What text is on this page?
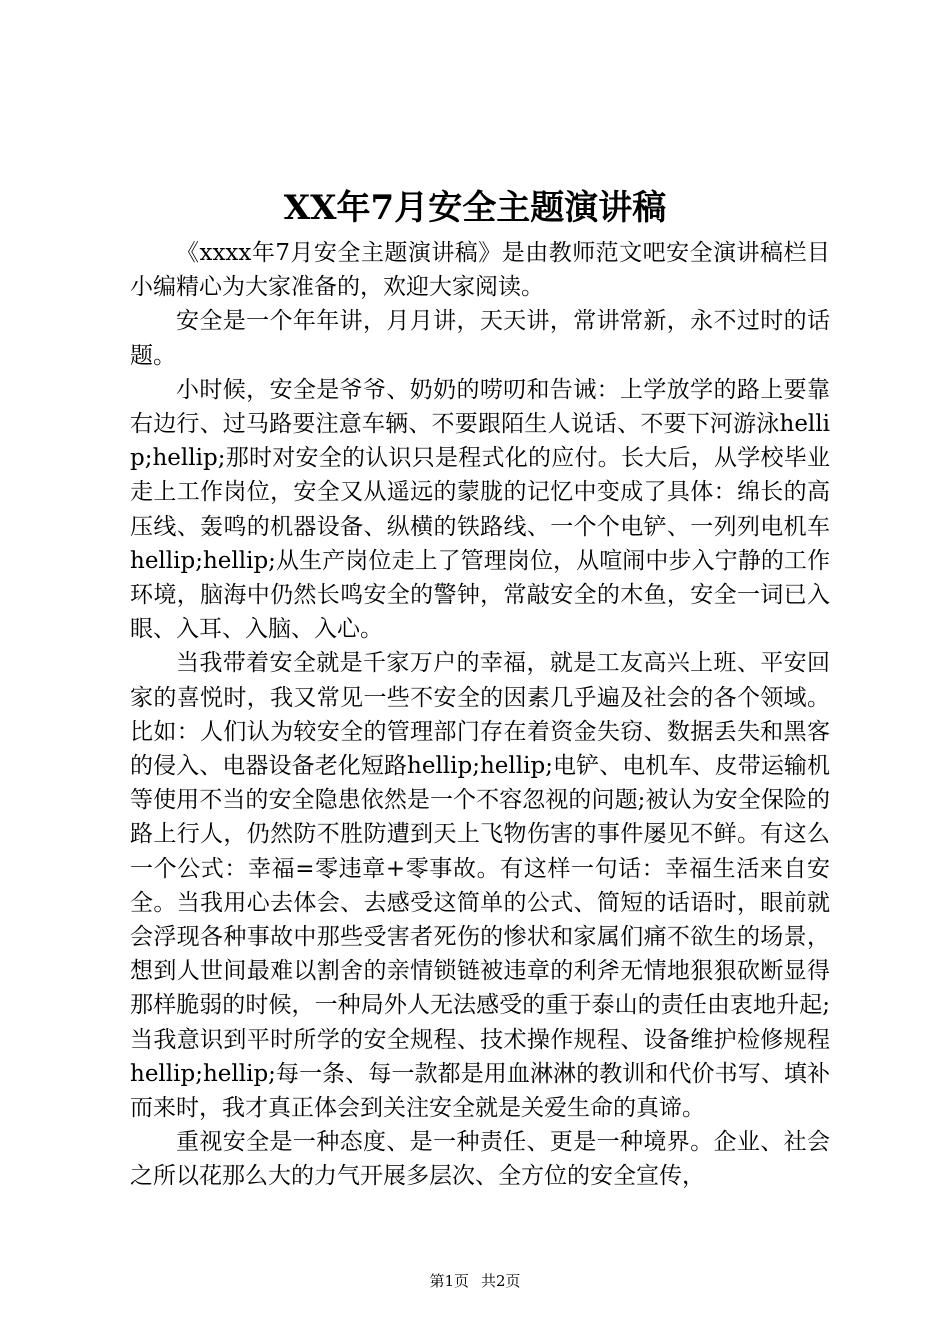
XX年7月安全主题演讲稿

《xxxx年7月安全主题演讲稿》是由教师范文吧安全演讲稿栏目小编精心为大家准备的，欢迎大家阅读。

安全是一个年年讲，月月讲，天天讲，常讲常新，永不过时的话题。

小时候，安全是爷爷、奶奶的唠叨和告诫：上学放学的路上要靠右边行、过马路要注意车辆、不要跟陌生人说话、不要下河游泳hellip;hellip;那时对安全的认识只是程式化的应付。长大后，从学校毕业走上工作岗位，安全又从遥远的蒙胧的记忆中变成了具体：绵长的高压线、轰鸣的机器设备、纵横的铁路线、一个个电铲、一列列电机车hellip;hellip;从生产岗位走上了管理岗位，从喧闹中步入宁静的工作环境，脑海中仍然长鸣安全的警钟，常敲安全的木鱼，安全一词已入眼、入耳、入脑、入心。

当我带着安全就是千家万户的幸福，就是工友高兴上班、平安回家的喜悦时，我又常见一些不安全的因素几乎遍及社会的各个领域。比如：人们认为较安全的管理部门存在着资金失窃、数据丢失和黑客的侵入、电器设备老化短路hellip;hellip;电铲、电机车、皮带运输机等使用不当的安全隐患依然是一个不容忽视的问题;被认为安全保险的路上行人，仍然防不胜防遭到天上飞物伤害的事件屡见不鲜。有这么一个公式：幸福=零违章+零事故。有这样一句话：幸福生活来自安全。当我用心去体会、去感受这简单的公式、简短的话语时，眼前就会浮现各种事故中那些受害者死伤的惨状和家属们痛不欲生的场景，想到人世间最难以割舍的亲情锁链被违章的利斧无情地狠狠砍断显得那样脆弱的时候，一种局外人无法感受的重于泰山的责任由衷地升起;当我意识到平时所学的安全规程、技术操作规程、设备维护检修规程hellip;hellip;每一条、每一款都是用血淋淋的教训和代价书写、填补而来时，我才真正体会到关注安全就是关爱生命的真谛。

重视安全是一种态度、是一种责任、更是一种境界。企业、社会之所以花那么大的力气开展多层次、全方位的安全宣传，

第1页 共2页
